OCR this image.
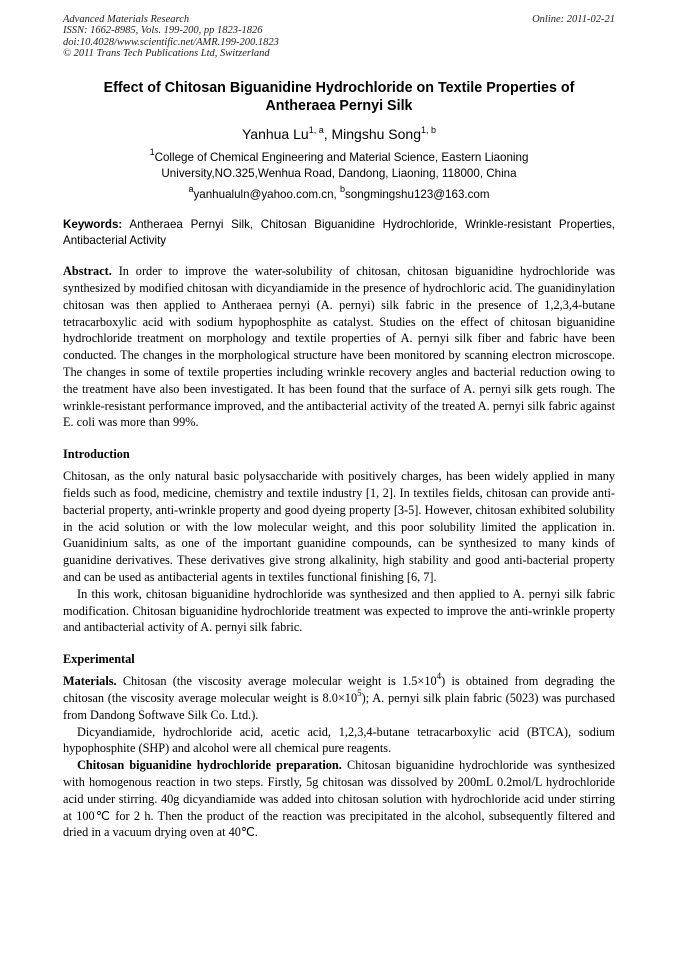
Advanced Materials Research
ISSN: 1662-8985, Vols. 199-200, pp 1823-1826
doi:10.4028/www.scientific.net/AMR.199-200.1823
© 2011 Trans Tech Publications Ltd, Switzerland
Online: 2011-02-21
Effect of Chitosan Biguanidine Hydrochloride on Textile Properties of
Antheraea Pernyi Silk
Yanhua Lu$^{1, a}$, Mingshu Song$^{1, b}$
$^1$College of Chemical Engineering and Material Science, Eastern Liaoning
University,NO.325,Wenhua Road, Dandong, Liaoning, 118000, China
$^a$yanhualuln@yahoo.com.cn, $^b$songmingshu123@163.com
Keywords: Antheraea Pernyi Silk, Chitosan Biguanidine Hydrochloride, Wrinkle-resistant Properties, Antibacterial Activity
Abstract. In order to improve the water-solubility of chitosan, chitosan biguanidine hydrochloride was synthesized by modified chitosan with dicyandiamide in the presence of hydrochloric acid. The guanidinylation chitosan was then applied to Antheraea pernyi (A. pernyi) silk fabric in the presence of 1,2,3,4-butane tetracarboxylic acid with sodium hypophosphite as catalyst. Studies on the effect of chitosan biguanidine hydrochloride treatment on morphology and textile properties of A. pernyi silk fiber and fabric have been conducted. The changes in the morphological structure have been monitored by scanning electron microscope. The changes in some of textile properties including wrinkle recovery angles and bacterial reduction owing to the treatment have also been investigated. It has been found that the surface of A. pernyi silk gets rough. The wrinkle-resistant performance improved, and the antibacterial activity of the treated A. pernyi silk fabric against E. coli was more than 99%.
Introduction

Chitosan, as the only natural basic polysaccharide with positively charges, has been widely applied in many fields such as food, medicine, chemistry and textile industry [1, 2]. In textiles fields, chitosan can provide anti-bacterial property, anti-wrinkle property and good dyeing property [3-5]. However, chitosan exhibited solubility in the acid solution or with the low molecular weight, and this poor solubility limited the application in. Guanidinium salts, as one of the important guanidine compounds, can be synthesized to many kinds of guanidine derivatives. These derivatives give strong alkalinity, high stability and good anti-bacterial property and can be used as antibacterial agents in textiles functional finishing [6, 7].

In this work, chitosan biguanidine hydrochloride was synthesized and then applied to A. pernyi silk fabric modification. Chitosan biguanidine hydrochloride treatment was expected to improve the anti-wrinkle property and antibacterial activity of A. pernyi silk fabric.

Experimental

Materials. Chitosan (the viscosity average molecular weight is $1.5\times 10^4$) is obtained from degrading the chitosan (the viscosity average molecular weight is $8.0\times 10^5$); A. pernyi silk plain fabric (5023) was purchased from Dandong Softwave Silk Co. Ltd.).

Dicyandiamide, hydrochloride acid, acetic acid, 1,2,3,4-butane tetracarboxylic acid (BTCA), sodium hypophosphite (SHP) and alcohol were all chemical pure reagents.

Chitosan biguanidine hydrochloride preparation. Chitosan biguanidine hydrochloride was synthesized with homogenous reaction in two steps. Firstly, 5g chitosan was dissolved by 200mL 0.2mol/L hydrochloride acid under stirring. 40g dicyandiamide was added into chitosan solution with hydrochloride acid under stirring at 100℃ for 2 h. Then the product of the reaction was precipitated in the alcohol, subsequently filtered and dried in a vacuum drying oven at 40℃.
